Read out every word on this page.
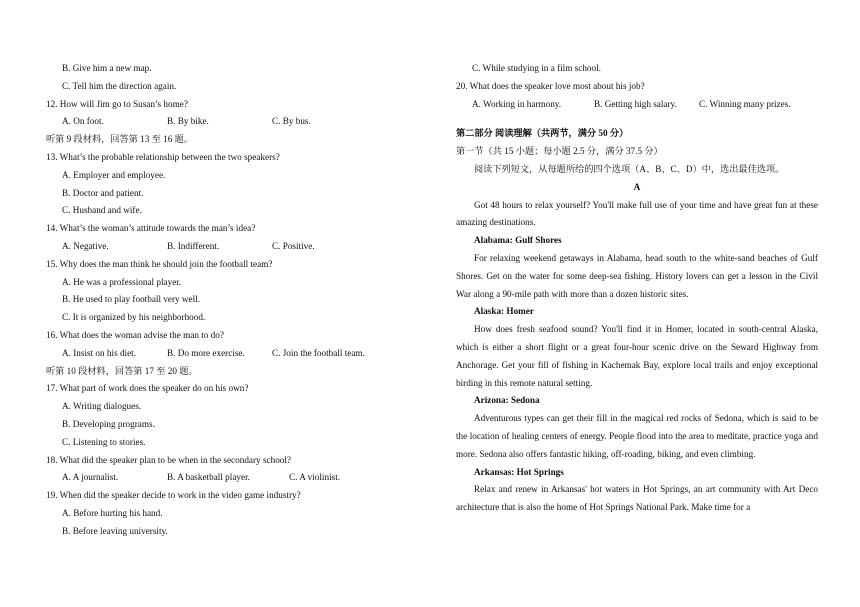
B. Give him a new map.
C. Tell him the direction again.
12. How will Jim go to Susan’s home?
A. On foot.	B. By bike.	C. By bus.
听第 9 段材料，回答第 13 至 16 题。
13. What’s the probable relationship between the two speakers?
A. Employer and employee.
B. Doctor and patient.
C. Husband and wife.
14. What’s the woman’s attitude towards the man’s idea?
A. Negative.	B. Indifferent.	C. Positive.
15. Why does the man think he should join the football team?
A. He was a professional player.
B. He used to play football very well.
C. It is organized by his neighborhood.
16. What does the woman advise the man to do?
A. Insist on his diet.	B. Do more exercise.	C. Join the football team.
听第 10 段材料，回答第 17 至 20 题。
17. What part of work does the speaker do on his own?
A. Writing dialogues.
B. Developing programs.
C. Listening to stories.
18. What did the speaker plan to be when in the secondary school?
A. A journalist.	B. A basketball player.	C. A violinist.
19. When did the speaker decide to work in the video game industry?
A. Before hurting his hand.
B. Before leaving university.
C. While studying in a film school.
20. What does the speaker love most about his job?
A. Working in harmony.	B. Getting high salary.	C. Winning many prizes.
第二部分 阅读理解（共两节，满分 50 分）
第一节（共 15 小题；每小题 2.5 分，满分 37.5 分）
阅读下列短文，从每题所给的四个选项（A、B、C、D）中，选出最佳选项。
A

Got 48 hours to relax yourself? You'll make full use of your time and have great fun at these amazing destinations.

Alabama: Gulf Shores

For relaxing weekend getaways in Alabama, head south to the white-sand beaches of Gulf Shores. Get on the water for some deep-sea fishing. History lovers can get a lesson in the Civil War along a 90-mile path with more than a dozen historic sites.

Alaska: Homer

How does fresh seafood sound? You'll find it in Homer, located in south-central Alaska, which is either a short flight or a great four-hour scenic drive on the Seward Highway from Anchorage. Get your fill of fishing in Kachemak Bay, explore local trails and enjoy exceptional birding in this remote natural setting.

Arizona: Sedona

Adventurous types can get their fill in the magical red rocks of Sedona, which is said to be the location of healing centers of energy. People flood into the area to meditate, practice yoga and more. Sedona also offers fantastic hiking, off-roading, biking, and even climbing.

Arkansas: Hot Springs

Relax and renew in Arkansas' hot waters in Hot Springs, an art community with Art Deco architecture that is also the home of Hot Springs National Park. Make time for a
